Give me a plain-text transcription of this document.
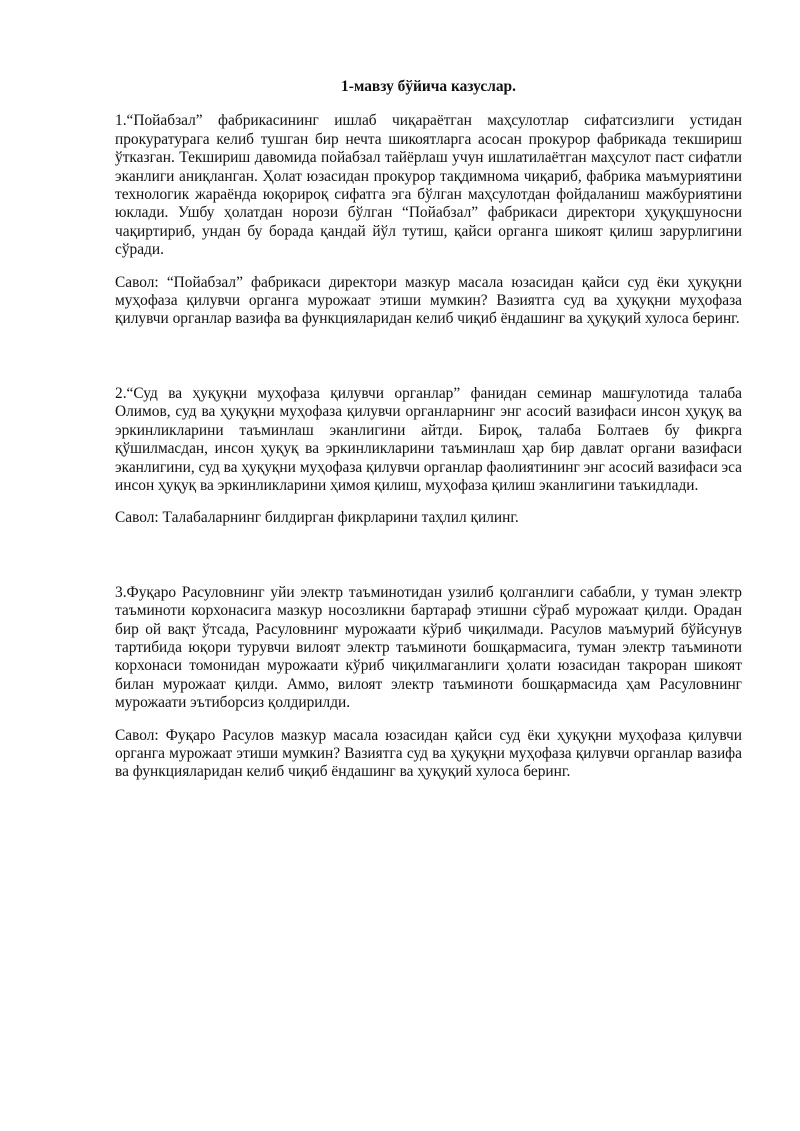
1-мавзу бўйича казуслар.

1.“Пойабзал” фабрикасининг ишлаб чиқараётган маҳсулотлар сифатсизлиги устидан прокуратурага келиб тушган бир нечта шикоятларга асосан прокурор фабрикада текшириш ўтказган. Текшириш давомида пойабзал тайёрлаш учун ишлатилаётган маҳсулот паст сифатли эканлиги аниқланган. Ҳолат юзасидан прокурор тақдимнома чиқариб, фабрика маъмуриятини технологик жараёнда юқорироқ сифатга эга бўлган маҳсулотдан фойдаланиш мажбуриятини юклади. Ушбу ҳолатдан норози бўлган “Пойабзал” фабрикаси директори ҳуқуқшуносни чақиртириб, ундан бу борада қандай йўл тутиш, қайси органга шикоят қилиш зарурлигини сўради.

Савол: “Пойабзал” фабрикаси директори мазкур масала юзасидан қайси суд ёки ҳуқуқни муҳофаза қилувчи органга мурожаат этиши мумкин? Вазиятга суд ва ҳуқуқни муҳофаза қилувчи органлар вазифа ва функцияларидан келиб чиқиб ёндашинг ва ҳуқуқий хулоса беринг.

2.“Суд ва ҳуқуқни муҳофаза қилувчи органлар” фанидан семинар машғулотида талаба Олимов, суд ва ҳуқуқни муҳофаза қилувчи органларнинг энг асосий вазифаси инсон ҳуқуқ ва эркинликларини таъминлаш эканлигини айтди. Бироқ, талаба Болтаев бу фикрга қўшилмасдан, инсон ҳуқуқ ва эркинликларини таъминлаш ҳар бир давлат органи вазифаси эканлигини, суд ва ҳуқуқни муҳофаза қилувчи органлар фаолиятининг энг асосий вазифаси эса инсон ҳуқуқ ва эркинликларини ҳимоя қилиш, муҳофаза қилиш эканлигини таъкидлади.

Савол: Талабаларнинг билдирган фикрларини таҳлил қилинг.

3.Фуқаро Расуловнинг уйи электр таъминотидан узилиб қолганлиги сабабли, у туман электр таъминоти корхонасига мазкур носозликни бартараф этишни сўраб мурожаат қилди. Орадан бир ой вақт ўтсада, Расуловнинг мурожаати кўриб чиқилмади. Расулов маъмурий бўйсунув тартибида юқори турувчи вилоят электр таъминоти бошқармасига, туман электр таъминоти корхонаси томонидан мурожаати кўриб чиқилмаганлиги ҳолати юзасидан такроран шикоят билан мурожаат қилди. Аммо, вилоят электр таъминоти бошқармасида ҳам Расуловнинг мурожаати эътиборсиз қолдирилди.

Савол: Фуқаро Расулов мазкур масала юзасидан қайси суд ёки ҳуқуқни муҳофаза қилувчи органга мурожаат этиши мумкин? Вазиятга суд ва ҳуқуқни муҳофаза қилувчи органлар вазифа ва функцияларидан келиб чиқиб ёндашинг ва ҳуқуқий хулоса беринг.
